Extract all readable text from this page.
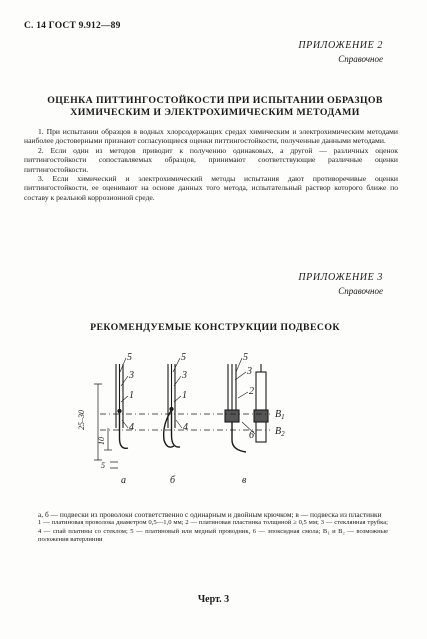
С. 14 ГОСТ 9.912—89
ПРИЛОЖЕНИЕ 2
Справочное
ОЦЕНКА ПИТТИНГОСТОЙКОСТИ ПРИ ИСПЫТАНИИ ОБРАЗЦОВ
ХИМИЧЕСКИМ И ЭЛЕКТРОХИМИЧЕСКИМ МЕТОДАМИ

1. При испытании образцов в водных хлорсодержащих средах химическим и электрохимическим методами наиболее достоверными признают согласующиеся оценки питтингостойкости, полученные данными методами.

2. Если один из методов приводит к получению одинаковых, а другой — различных оценок питтингостойкости сопоставляемых образцов, принимают соответствующие различные оценки питтингостойкости.

3. Если химический и электрохимический методы испытания дают противоречивые оценки питтингостойкости, ее оценивают на основе данных того метода, испытательный раствор которого ближе по составу к реальной коррозионной среде.

ПРИЛОЖЕНИЕ 3
Справочное
РЕКОМЕНДУЕМЫЕ КОНСТРУКЦИИ ПОДВЕСОК
5
3
1
4
5
3
1
4
5
3
2
6
$B_1$
$B_2$
25–30
10
5
а	б	в
а, б — подвески из проволоки соответственно с одинарным и двойным крючком; в — подвеска из пластинки
1 — платиновая проволока диаметром 0,5—1,0 мм; 2 — платиновая пластинка толщиной ≥ 0,5 мм; 3 — стеклянная трубка; 4 — спай платины со стеклом; 5 — платиновый или медный проводник, 6 — эпоксидная смола; B₁ и B₂ — возможные положения ватерлинии
Черт. 3
